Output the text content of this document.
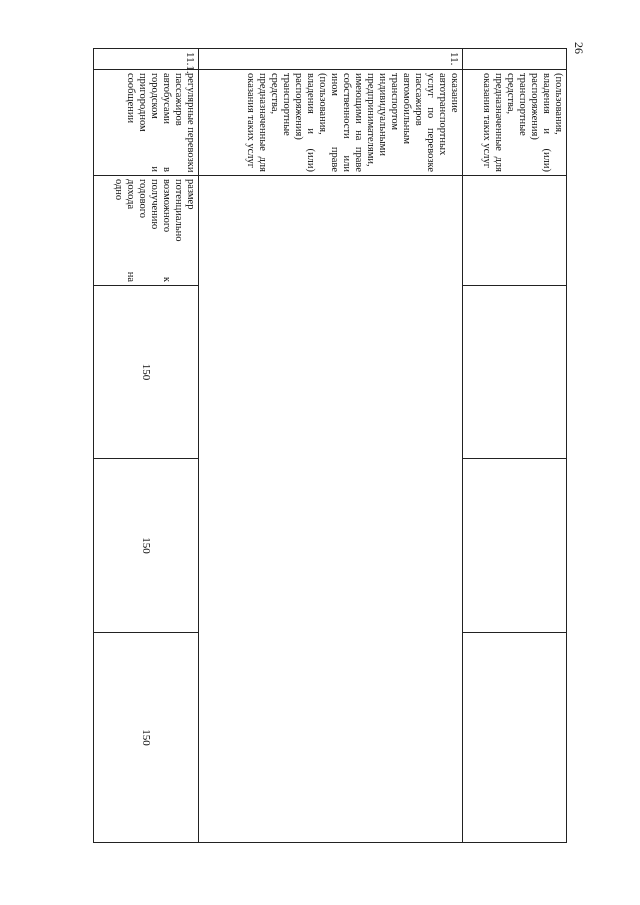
26
(пользования,
владения и (или)
распоряжения)
транспортные
средства,
предназначенные для
оказания таких услуг
11.
оказание
автотранспортных
услуг по перевозке
пассажиров
автомобильным
транспортом
индивидуальными
предпринимателями,
имеющими на праве
собственности или
ином праве
(пользования,
владения и (или)
распоряжения)
транспортные
средства,
предназначенные для
оказания таких услуг
11.1.
регулярные перевозки
пассажиров
автобусами в
городском и
пригородном
сообщении
размер
потенциально
возможного к
получению
годового
дохода на
одно
150
150
150
